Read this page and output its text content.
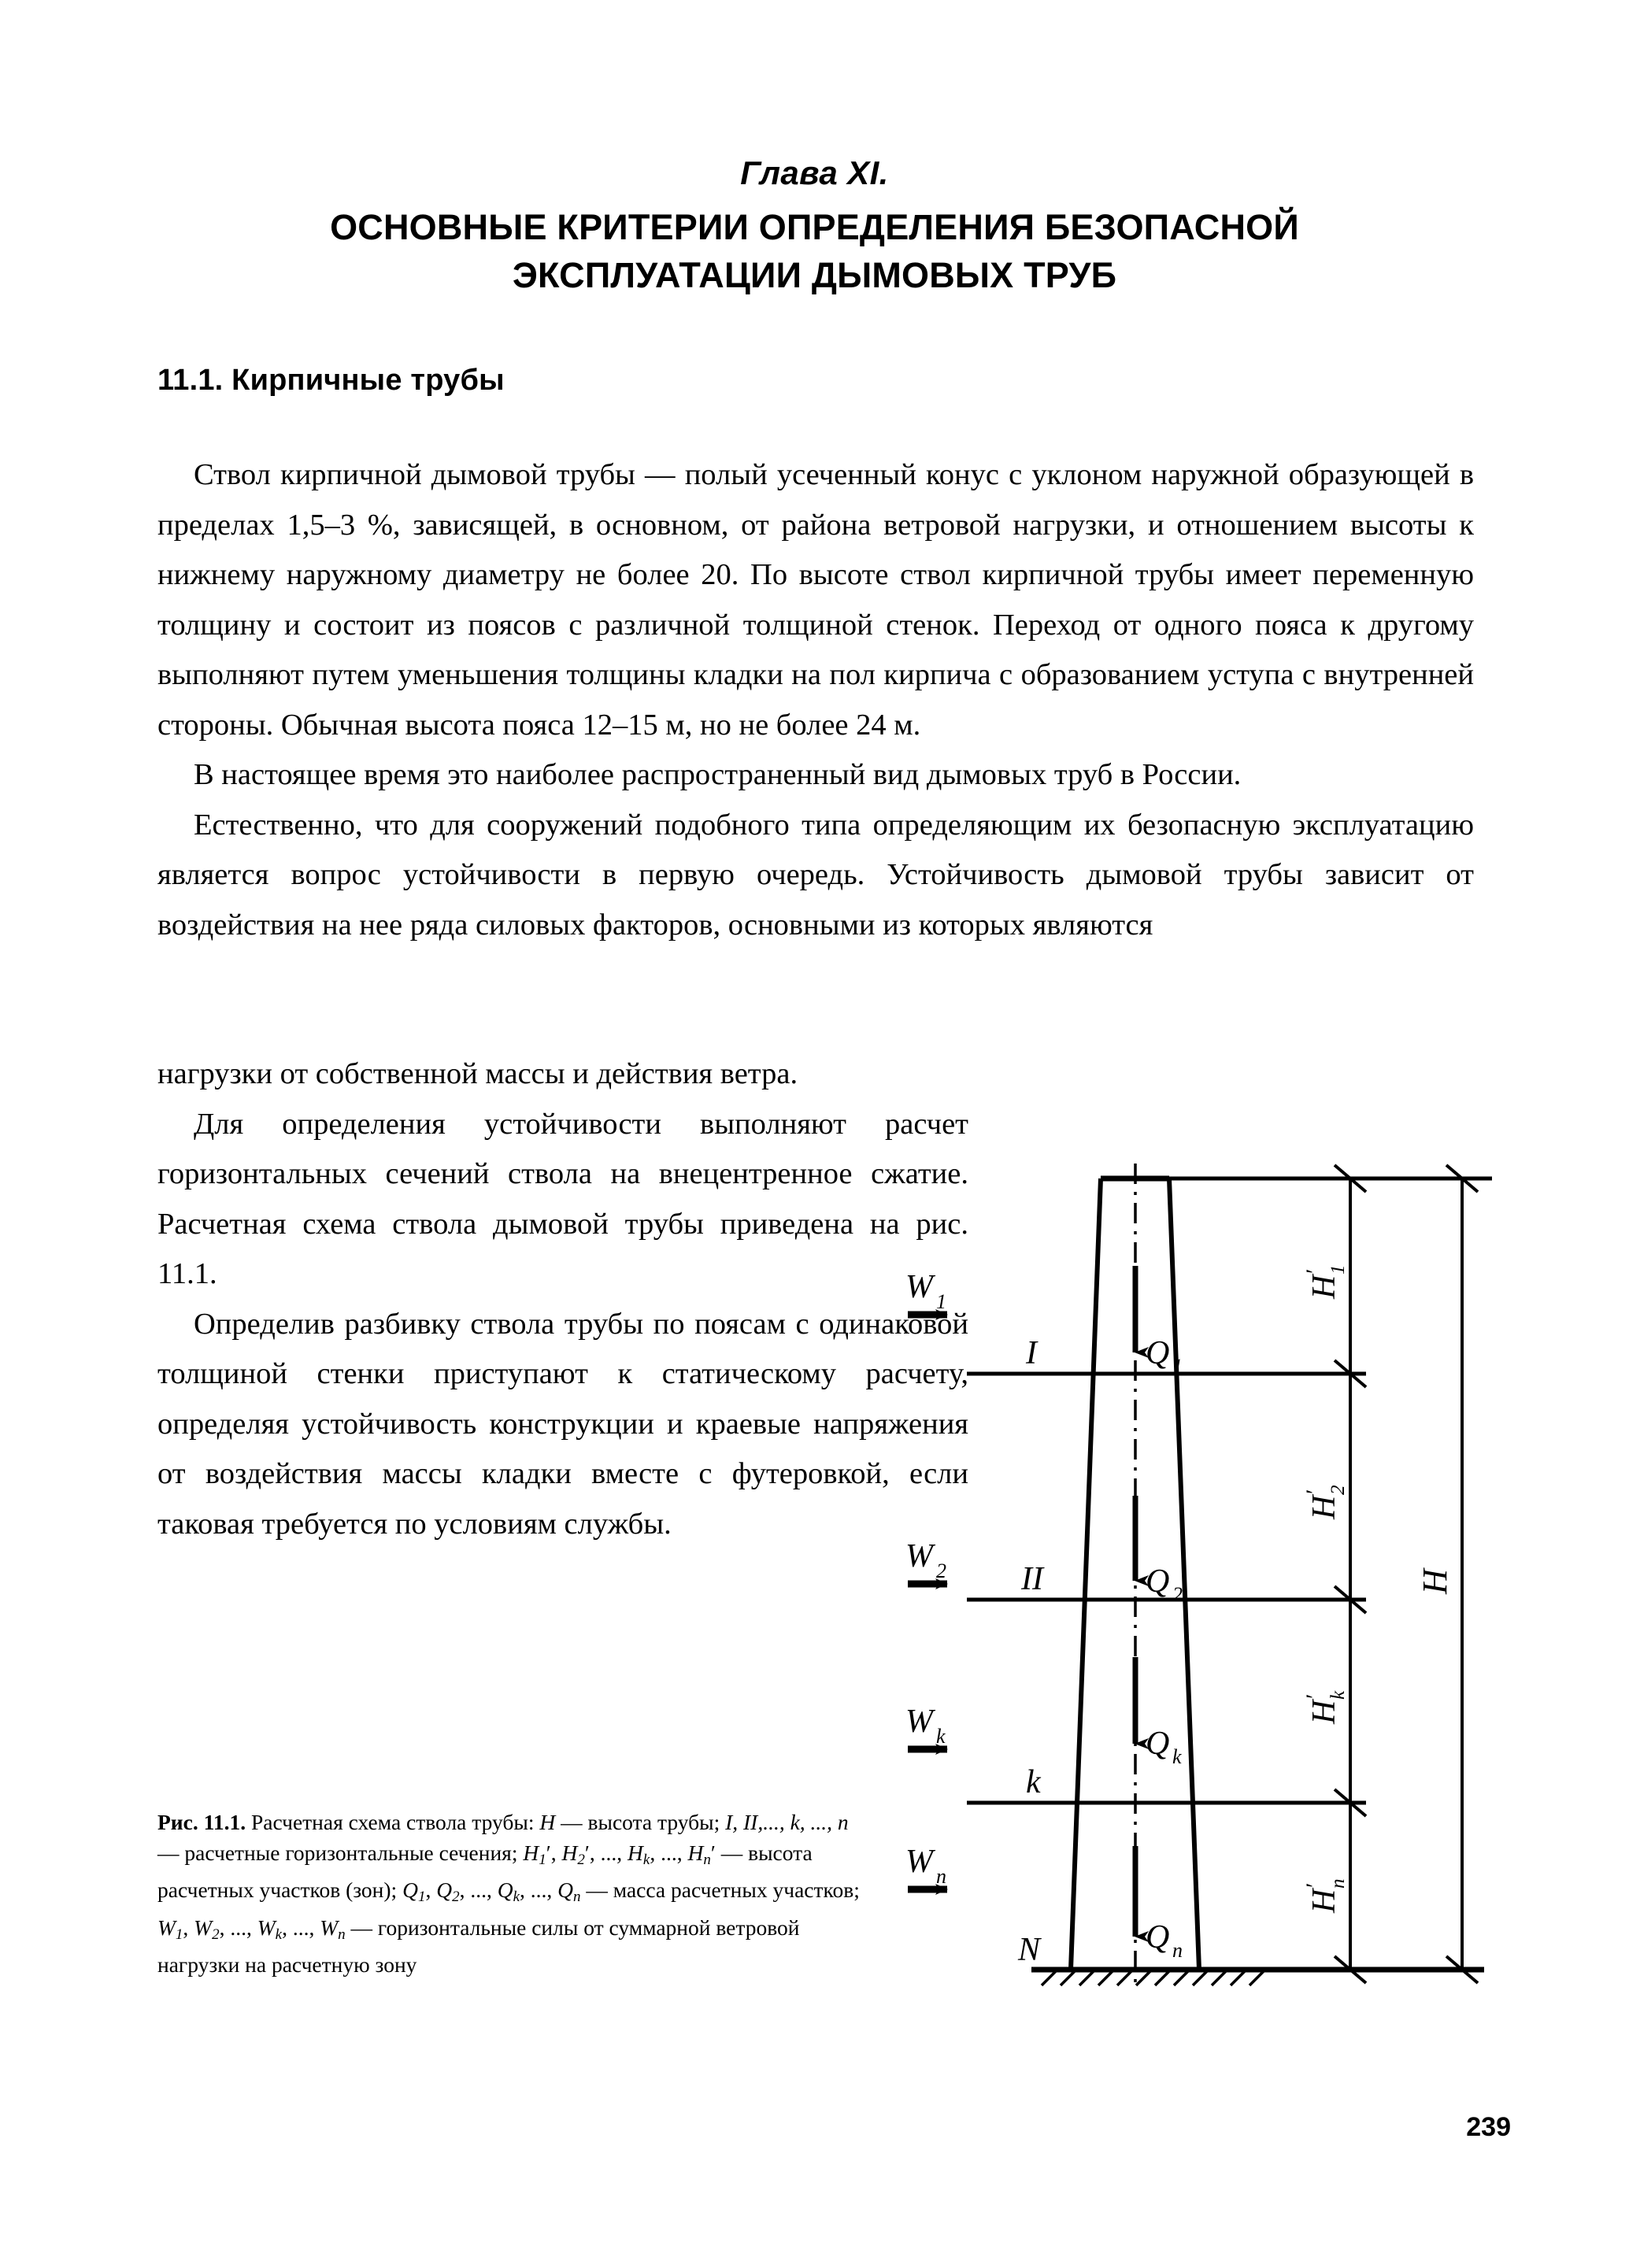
Глава XI.
ОСНОВНЫЕ КРИТЕРИИ ОПРЕДЕЛЕНИЯ БЕЗОПАСНОЙ
ЭКСПЛУАТАЦИИ ДЫМОВЫХ ТРУБ
11.1. Кирпичные трубы

Ствол кирпичной дымовой трубы — полый усеченный конус с уклоном наружной образующей в пределах 1,5–3 %, зависящей, в основном, от района ветровой нагрузки, и отношением высоты к нижнему наружному диаметру не более 20. По высоте ствол кирпичной трубы имеет переменную толщину и состоит из поясов с различной толщиной стенок. Переход от одного пояса к другому выполняют путем уменьшения толщины кладки на пол кирпича с образованием уступа с внутренней стороны. Обычная высота пояса 12–15 м, но не более 24 м.

В настоящее время это наиболее распространенный вид дымовых труб в России.

Естественно, что для сооружений подобного типа определяющим их безопасную эксплуатацию является вопрос устойчивости в первую очередь. Устойчивость дымовой трубы зависит от воздействия на нее ряда силовых факторов, основными из которых являются

нагрузки от собственной массы и действия ветра.

Для определения устойчивости выполняют расчет горизонтальных сечений ствола на внецентренное сжатие. Расчетная схема ствола дымовой трубы приведена на рис. 11.1.

Определив разбивку ствола трубы по поясам с одинаковой толщиной стенки приступают к статическому расчету, определяя устойчивость конструкции и краевые напряжения от воздействия массы кладки вместе с футеровкой, если таковая требуется по условиям службы.

W 1
W 2
W k
W n
Q 1
Q 2
Q k
Q n
I
II
k
N
H
1
′
H
2
′
H
k
′
H
n
′
H
Рис. 11.1. Расчетная схема ствола трубы: H — высота трубы; I, II,..., k, ..., n — расчетные горизонтальные сечения; $H_1'$, $H_2'$, ..., $H_k$, ..., $H_n'$ — высота расчетных участков (зон); $Q_1$, $Q_2$, ..., $Q_k$, ..., $Q_n$ — масса расчетных участков; $W_1$, $W_2$, ..., $W_k$, ..., $W_n$ — горизонтальные силы от суммарной ветровой нагрузки на расчетную зону
239
